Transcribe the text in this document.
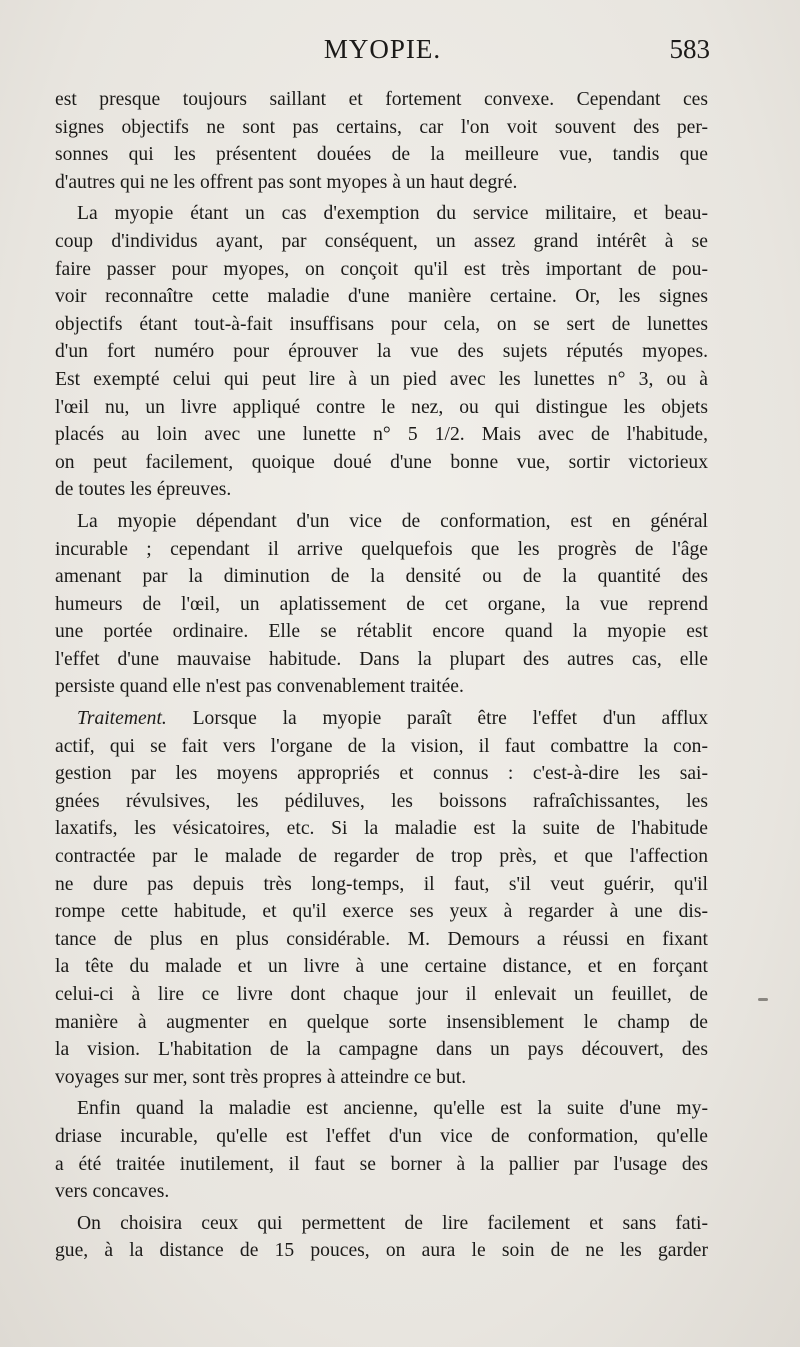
MYOPIE.	583
est presque toujours saillant et fortement convexe. Cependant ces
signes objectifs ne sont pas certains, car l'on voit souvent des per-
sonnes qui les présentent douées de la meilleure vue, tandis que
d'autres qui ne les offrent pas sont myopes à un haut degré.
La myopie étant un cas d'exemption du service militaire, et beau-
coup d'individus ayant, par conséquent, un assez grand intérêt à se
faire passer pour myopes, on conçoit qu'il est très important de pou-
voir reconnaître cette maladie d'une manière certaine. Or, les signes
objectifs étant tout-à-fait insuffisans pour cela, on se sert de lunettes
d'un fort numéro pour éprouver la vue des sujets réputés myopes.
Est exempté celui qui peut lire à un pied avec les lunettes n° 3, ou à
l'œil nu, un livre appliqué contre le nez, ou qui distingue les objets
placés au loin avec une lunette n° 5 1/2. Mais avec de l'habitude,
on peut facilement, quoique doué d'une bonne vue, sortir victorieux
de toutes les épreuves.
La myopie dépendant d'un vice de conformation, est en général
incurable ; cependant il arrive quelquefois que les progrès de l'âge
amenant par la diminution de la densité ou de la quantité des
humeurs de l'œil, un aplatissement de cet organe, la vue reprend
une portée ordinaire. Elle se rétablit encore quand la myopie est
l'effet d'une mauvaise habitude. Dans la plupart des autres cas, elle
persiste quand elle n'est pas convenablement traitée.
Traitement. Lorsque la myopie paraît être l'effet d'un afflux
actif, qui se fait vers l'organe de la vision, il faut combattre la con-
gestion par les moyens appropriés et connus : c'est-à-dire les sai-
gnées révulsives, les pédiluves, les boissons rafraîchissantes, les
laxatifs, les vésicatoires, etc. Si la maladie est la suite de l'habitude
contractée par le malade de regarder de trop près, et que l'affection
ne dure pas depuis très long-temps, il faut, s'il veut guérir, qu'il
rompe cette habitude, et qu'il exerce ses yeux à regarder à une dis-
tance de plus en plus considérable. M. Demours a réussi en fixant
la tête du malade et un livre à une certaine distance, et en forçant
celui-ci à lire ce livre dont chaque jour il enlevait un feuillet, de
manière à augmenter en quelque sorte insensiblement le champ de
la vision. L'habitation de la campagne dans un pays découvert, des
voyages sur mer, sont très propres à atteindre ce but.
Enfin quand la maladie est ancienne, qu'elle est la suite d'une my-
driase incurable, qu'elle est l'effet d'un vice de conformation, qu'elle
a été traitée inutilement, il faut se borner à la pallier par l'usage des
vers concaves.
On choisira ceux qui permettent de lire facilement et sans fati-
gue, à la distance de 15 pouces, on aura le soin de ne les garder
